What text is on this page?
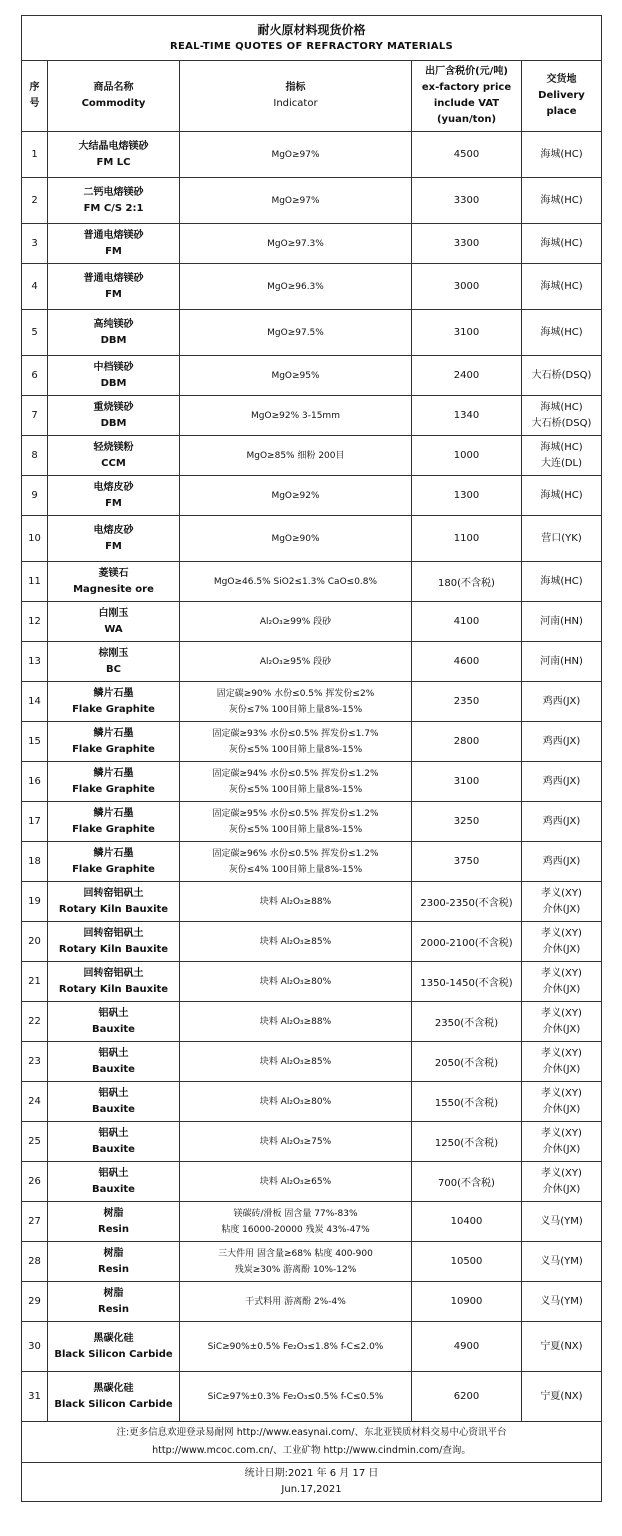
耐火原材料现货价格
REAL-TIME QUOTES OF REFRACTORY MATERIALS				

序
号	商品名称
Commodity	指标
Indicator	出厂含税价(元/吨)
ex-factory price
include VAT
(yuan/ton)	交货地
Delivery
place

1	大结晶电熔镁砂
FM LC	MgO≥97%	4500	海城(HC)

2	二钙电熔镁砂
FM C/S 2:1	MgO≥97%	3300	海城(HC)

3	普通电熔镁砂
FM	MgO≥97.3%	3300	海城(HC)

4	普通电熔镁砂
FM	MgO≥96.3%	3000	海城(HC)

5	高纯镁砂
DBM	MgO≥97.5%	3100	海城(HC)

6	中档镁砂
DBM	MgO≥95%	2400	大石桥(DSQ)

7	重烧镁砂
DBM	MgO≥92% 3-15mm	1340	海城(HC)
大石桥(DSQ)

8	轻烧镁粉
CCM	MgO≥85% 细粉 200目	1000	海城(HC)
大连(DL)

9	电熔皮砂
FM	MgO≥92%	1300	海城(HC)

10	电熔皮砂
FM	MgO≥90%	1100	营口(YK)

11	菱镁石
Magnesite ore	MgO≥46.5% SiO2≤1.3% CaO≤0.8%	180(不含税)	海城(HC)

12	白刚玉
WA	Al₂O₃≥99% 段砂	4100	河南(HN)

13	棕刚玉
BC	Al₂O₃≥95% 段砂	4600	河南(HN)

14	鳞片石墨
Flake Graphite	固定碳≥90% 水份≤0.5% 挥发份≤2%
灰份≤7% 100目筛上量8%-15%	2350	鸡西(JX)

15	鳞片石墨
Flake Graphite	固定碳≥93% 水份≤0.5% 挥发份≤1.7%
灰份≤5% 100目筛上量8%-15%	2800	鸡西(JX)

16	鳞片石墨
Flake Graphite	固定碳≥94% 水份≤0.5% 挥发份≤1.2%
灰份≤5% 100目筛上量8%-15%	3100	鸡西(JX)

17	鳞片石墨
Flake Graphite	固定碳≥95% 水份≤0.5% 挥发份≤1.2%
灰份≤5% 100目筛上量8%-15%	3250	鸡西(JX)

18	鳞片石墨
Flake Graphite	固定碳≥96% 水份≤0.5% 挥发份≤1.2%
灰份≤4% 100目筛上量8%-15%	3750	鸡西(JX)

19	回转窑铝矾土
Rotary Kiln Bauxite	块料 Al₂O₃≥88%	2300-2350(不含税)	孝义(XY)
介休(JX)

20	回转窑铝矾土
Rotary Kiln Bauxite	块料 Al₂O₃≥85%	2000-2100(不含税)	孝义(XY)
介休(JX)

21	回转窑铝矾土
Rotary Kiln Bauxite	块料 Al₂O₃≥80%	1350-1450(不含税)	孝义(XY)
介休(JX)

22	铝矾土
Bauxite	块料 Al₂O₃≥88%	2350(不含税)	孝义(XY)
介休(JX)

23	铝矾土
Bauxite	块料 Al₂O₃≥85%	2050(不含税)	孝义(XY)
介休(JX)

24	铝矾土
Bauxite	块料 Al₂O₃≥80%	1550(不含税)	孝义(XY)
介休(JX)

25	铝矾土
Bauxite	块料 Al₂O₃≥75%	1250(不含税)	孝义(XY)
介休(JX)

26	铝矾土
Bauxite	块料 Al₂O₃≥65%	700(不含税)	孝义(XY)
介休(JX)

27	树脂
Resin	镁碳砖/滑板 固含量 77%-83%
粘度 16000-20000 残炭 43%-47%	10400	义马(YM)

28	树脂
Resin	三大件用 固含量≥68% 粘度 400-900
残炭≥30% 游离酚 10%-12%	10500	义马(YM)

29	树脂
Resin	干式料用 游离酚 2%-4%	10900	义马(YM)

30	黑碳化硅
Black Silicon Carbide	SiC≥90%±0.5% Fe₂O₃≤1.8% f-C≤2.0%	4900	宁夏(NX)

31	黑碳化硅
Black Silicon Carbide	SiC≥97%±0.3% Fe₂O₃≤0.5% f-C≤0.5%	6200	宁夏(NX)

注:更多信息欢迎登录易耐网 http://www.easynai.com/、东北亚镁质材料交易中心资讯平台
http://www.mcoc.com.cn/、工业矿物 http://www.cindmin.com/查询。				

统计日期:2021 年 6 月 17 日
Jun.17,2021				
